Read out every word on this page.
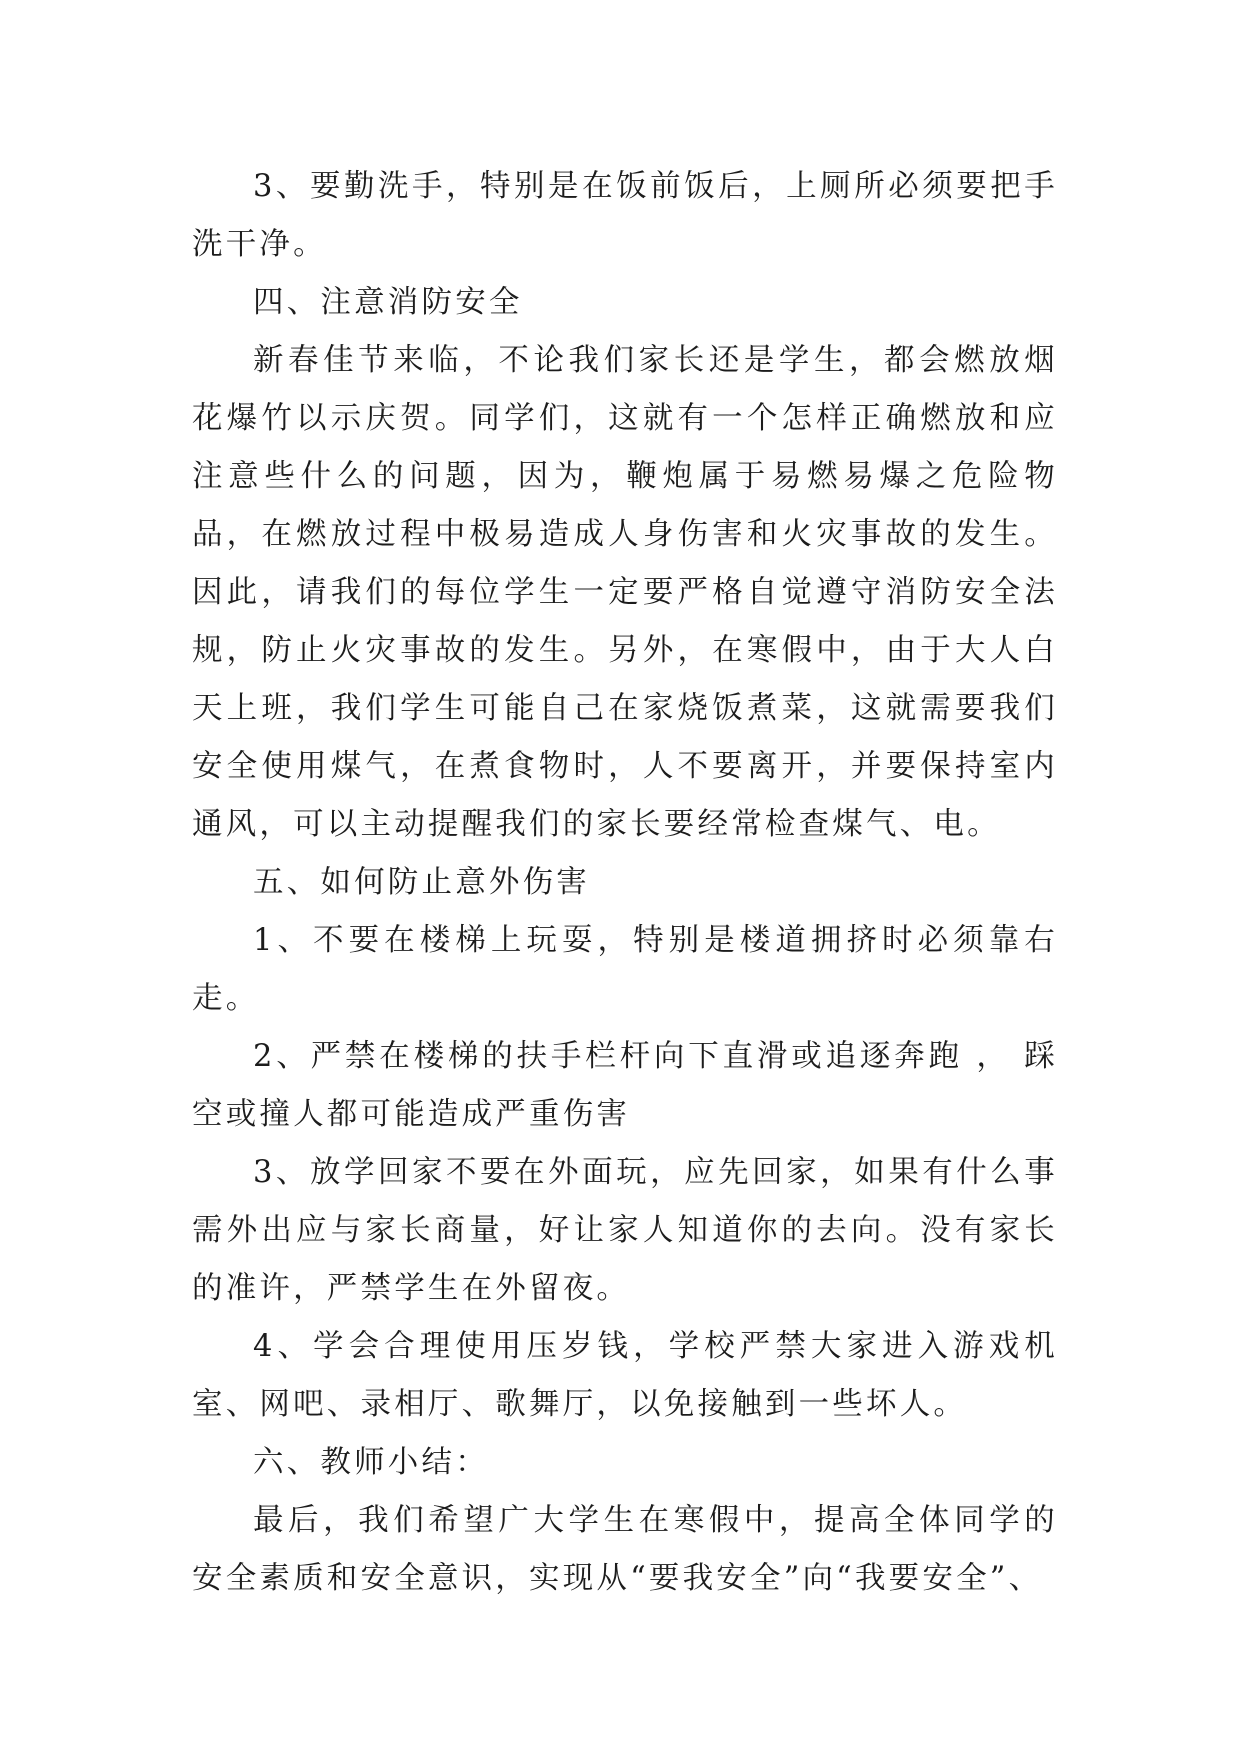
3、要勤洗手，特别是在饭前饭后，上厕所必须要把手洗干净。

四、注意消防安全

新春佳节来临，不论我们家长还是学生，都会燃放烟花爆竹以示庆贺。同学们，这就有一个怎样正确燃放和应注意些什么的问题，因为，鞭炮属于易燃易爆之危险物品，在燃放过程中极易造成人身伤害和火灾事故的发生。因此，请我们的每位学生一定要严格自觉遵守消防安全法规，防止火灾事故的发生。另外，在寒假中，由于大人白天上班，我们学生可能自己在家烧饭煮菜，这就需要我们安全使用煤气，在煮食物时，人不要离开，并要保持室内通风，可以主动提醒我们的家长要经常检查煤气、电。

五、如何防止意外伤害

1、不要在楼梯上玩耍，特别是楼道拥挤时必须靠右走。

2、严禁在楼梯的扶手栏杆向下直滑或追逐奔跑 ， 踩空或撞人都可能造成严重伤害

3、放学回家不要在外面玩，应先回家，如果有什么事需外出应与家长商量，好让家人知道你的去向。没有家长的准许，严禁学生在外留夜。

4、学会合理使用压岁钱，学校严禁大家进入游戏机室、网吧、录相厅、歌舞厅，以免接触到一些坏人。

六、教师小结：

最后，我们希望广大学生在寒假中，提高全体同学的安全素质和安全意识，实现从“要我安全”向“我要安全”、
